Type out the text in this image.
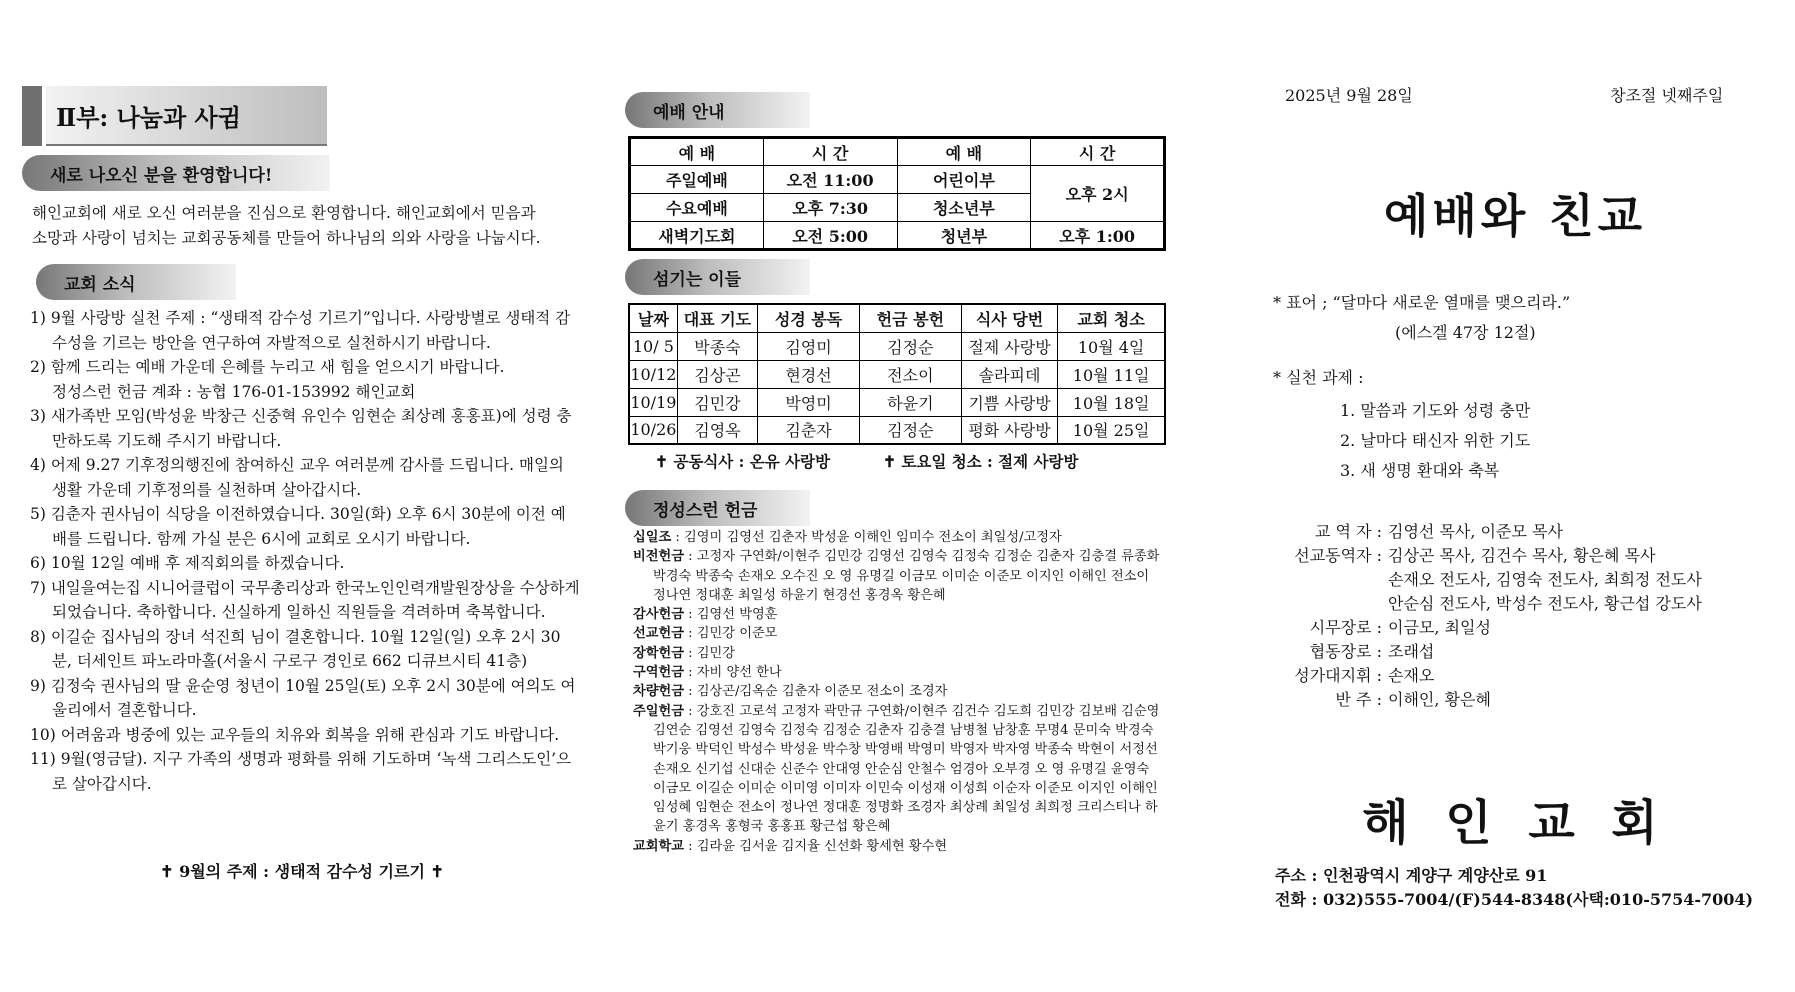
Ⅱ부: 나눔과 사귐
새로 나오신 분을 환영합니다!
해인교회에 새로 오신 여러분을 진심으로 환영합니다. 해인교회에서 믿음과
소망과 사랑이 넘치는 교회공동체를 만들어 하나님의 의와 사랑을 나눕시다.
교회 소식
1) 9월 사랑방 실천 주제 : “생태적 감수성 기르기”입니다. 사랑방별로 생태적 감수성을 기르는 방안을 연구하여 자발적으로 실천하시기 바랍니다.
2) 함께 드리는 예배 가운데 은혜를 누리고 새 힘을 얻으시기 바랍니다.
정성스런 헌금 계좌 : 농협 176-01-153992 해인교회
3) 새가족반 모임(박성윤 박창근 신중혁 유인수 임현순 최상례 홍홍표)에 성령 충만하도록 기도해 주시기 바랍니다.
4) 어제 9.27 기후정의행진에 참여하신 교우 여러분께 감사를 드립니다. 매일의 생활 가운데 기후정의를 실천하며 살아갑시다.
5) 김춘자 권사님이 식당을 이전하였습니다. 30일(화) 오후 6시 30분에 이전 예배를 드립니다. 함께 가실 분은 6시에 교회로 오시기 바랍니다.
6) 10월 12일 예배 후 제직회의를 하겠습니다.
7) 내일을여는집 시니어클럽이 국무총리상과 한국노인인력개발원장상을 수상하게 되었습니다. 축하합니다. 신실하게 일하신 직원들을 격려하며 축복합니다.
8) 이길순 집사님의 장녀 석진희 님이 결혼합니다. 10월 12일(일) 오후 2시 30분, 더세인트 파노라마홀(서울시 구로구 경인로 662 디큐브시티 41층)
9) 김정숙 권사님의 딸 윤순영 청년이 10월 25일(토) 오후 2시 30분에 여의도 여울리에서 결혼합니다.
10) 어려움과 병중에 있는 교우들의 치유와 회복을 위해 관심과 기도 바랍니다.
11) 9월(영금달). 지구 가족의 생명과 평화를 위해 기도하며 ‘녹색 그리스도인’으로 살아갑시다.
✝ 9월의 주제 : 생태적 감수성 기르기 ✝
예배 안내
예 배	시 간	예 배	시 간
주일예배	오전 11:00	어린이부	오후 2시
수요예배	오후 7:30	청소년부	
새벽기도회	오전 5:00	청년부	오후 1:00
섬기는 이들
날짜	대표 기도	성경 봉독	헌금 봉헌	식사 당번	교회 청소
10/ 5	박종숙	김영미	김정순	절제 사랑방	10월 4일
10/12	김상곤	현경선	전소이	솔라피데	10월 11일
10/19	김민강	박영미	하윤기	기쁨 사랑방	10월 18일
10/26	김영옥	김춘자	김정순	평화 사랑방	10월 25일
✝ 공동식사 : 온유 사랑방	✝ 토요일 청소 : 절제 사랑방
정성스런 헌금
십일조 : 김영미 김영선 김춘자 박성윤 이해인 임미수 전소이 최일성/고정자
비전헌금 : 고정자 구연화/이현주 김민강 김영선 김영숙 김정숙 김정순 김춘자 김충결 류종화 박경숙 박종숙 손재오 오수진 오 영 유명길 이금모 이미순 이준모 이지인 이해인 전소이 정나연 정대훈 최일성 하윤기 현경선 홍경옥 황은혜
감사헌금 : 김영선 박영훈
선교헌금 : 김민강 이준모
장학헌금 : 김민강
구역헌금 : 자비 양선 한나
차량헌금 : 김상곤/김옥순 김춘자 이준모 전소이 조경자
주일헌금 : 강호진 고로석 고정자 곽만규 구연화/이현주 김건수 김도희 김민강 김보배 김순영 김연순 김영선 김영숙 김정숙 김정순 김춘자 김충결 남병철 남창훈 무명4 문미숙 박경숙 박기웅 박덕인 박성수 박성윤 박수창 박영배 박영미 박영자 박자영 박종숙 박현이 서정선 손재오 신기섭 신대순 신준수 안대영 안순심 안철수 엄경아 오부경 오 영 유명길 윤영숙 이금모 이길순 이미순 이미영 이미자 이민숙 이성재 이성희 이순자 이준모 이지인 이해인 임성혜 임현순 전소이 정나연 정대훈 정명화 조경자 최상례 최일성 최희정 크리스티나 하윤기 홍경옥 홍형국 홍홍표 황근섭 황은혜
교회학교 : 김라윤 김서윤 김지율 신선화 황세현 황수현
2025년 9월 28일	창조절 넷째주일
예배와 친교
* 표어 ; “달마다 새로운 열매를 맺으리라.”
(에스겔 47장 12절)
* 실천 과제 :
1. 말씀과 기도와 성령 충만
2. 날마다 태신자 위한 기도
3. 새 생명 환대와 축복
교 역 자 : 김영선 목사, 이준모 목사
선교동역자 : 김상곤 목사, 김건수 목사, 황은혜 목사
손재오 전도사, 김영숙 전도사, 최희정 전도사
안순심 전도사, 박성수 전도사, 황근섭 강도사
시무장로 : 이금모, 최일성
협동장로 : 조래섭
성가대지휘 : 손재오
반 주 : 이해인, 황은혜
해 인 교 회
주소 : 인천광역시 계양구 계양산로 91
전화 : 032)555-7004/(F)544-8348(사택:010-5754-7004)
